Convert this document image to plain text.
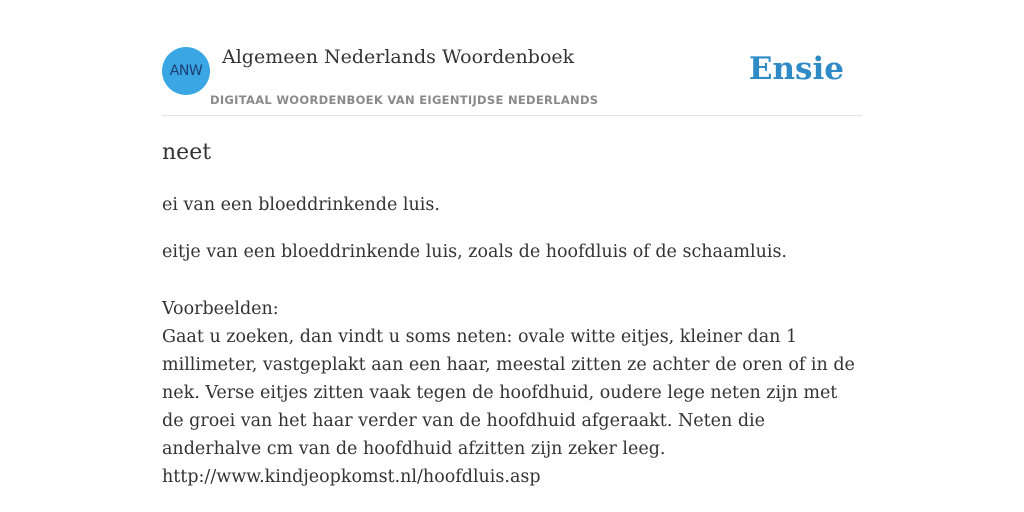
ANW
Algemeen Nederlands Woordenboek
DIGITAAL WOORDENBOEK VAN EIGENTIJDSE NEDERLANDS
Ensie
neet
ei van een bloeddrinkende luis.
eitje van een bloeddrinkende luis, zoals de hoofdluis of de schaamluis.
Voorbeelden:
Gaat u zoeken, dan vindt u soms neten: ovale witte eitjes, kleiner dan 1 millimeter, vastgeplakt aan een haar, meestal zitten ze achter de oren of in de nek. Verse eitjes zitten vaak tegen de hoofdhuid, oudere lege neten zijn met de groei van het haar verder van de hoofdhuid afgeraakt. Neten die anderhalve cm van de hoofdhuid afzitten zijn zeker leeg.
http://www.kindjeopkomst.nl/hoofdluis.asp
